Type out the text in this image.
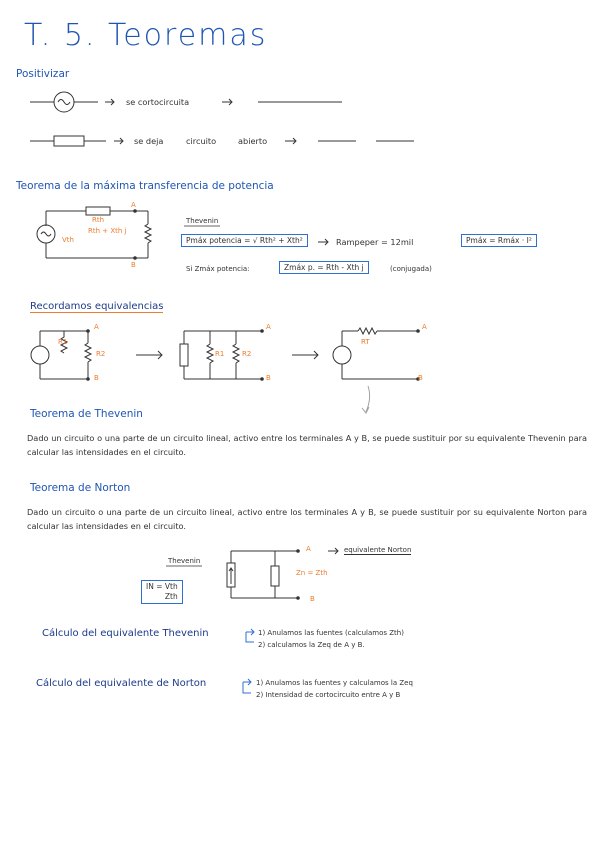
T. 5. Teoremas
Positivizar
se cortocircuita
se deja	circuito	abierto
Teorema de la máxima transferencia de potencia
Rth
Rth + Xth j
Vth
A
B
Thevenin
Pmáx potencia = √ Rth² + Xth²	Rampeper = 12mil	Pmáx = Rmáx · I²
Si Zmáx potencia:	Zmáx p. = Rth - Xth j	(conjugada)
Recordamos equivalencias
R1
R2
A
B
R1	R2
A
B
RT
A
B
Teorema de Thevenin
Dado un circuito o una parte de un circuito lineal, activo entre los terminales A y B, se puede sustituir por su equivalente Thevenin para calcular las intensidades en el circuito.
Teorema de Norton
Dado un circuito o una parte de un circuito lineal, activo entre los terminales A y B, se puede sustituir por su equivalente Norton para calcular las intensidades en el circuito.
Thevenin
IN = Vth
Zth
equivalente Norton
Zn = Zth
A
B
Cálculo del equivalente Thevenin	1) Anulamos las fuentes (calculamos Zth)
2) calculamos la Zeq de A y B.
Cálculo del equivalente de Norton	1) Anulamos las fuentes y calculamos la Zeq
2) Intensidad de cortocircuito entre A y B
